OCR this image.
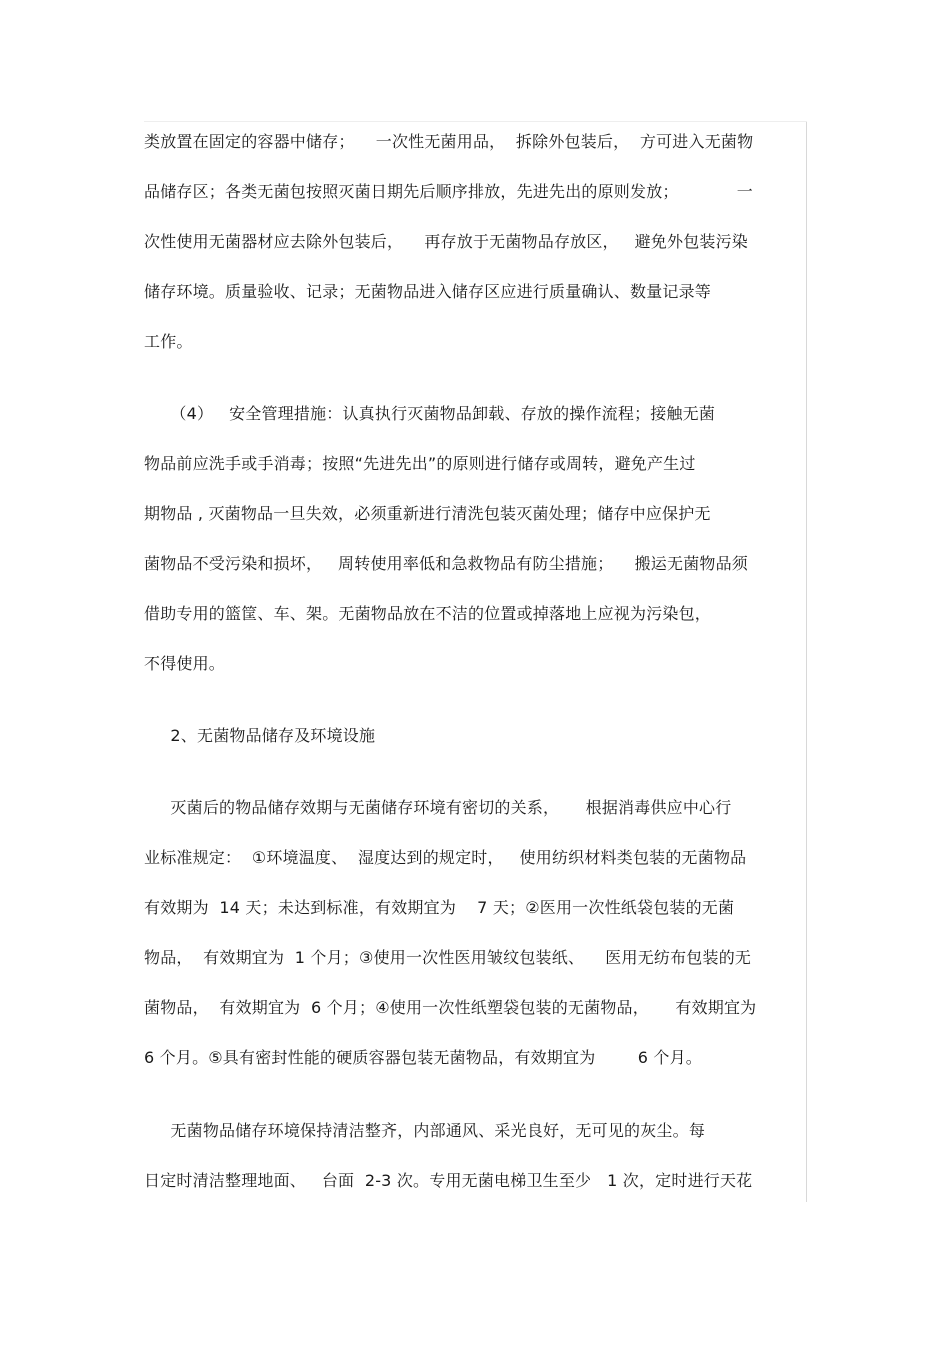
类放置在固定的容器中储存；    一次性无菌用品，  拆除外包装后，  方可进入无菌物
品储存区；各类无菌包按照灭菌日期先后顺序排放，先进先出的原则发放；           一
次性使用无菌器材应去除外包装后，    再存放于无菌物品存放区，   避免外包装污染
储存环境。质量验收、记录；无菌物品进入储存区应进行质量确认、数量记录等
工作。
（4）   安全管理措施：认真执行灭菌物品卸载、存放的操作流程；接触无菌
物品前应洗手或手消毒；按照“先进先出”的原则进行储存或周转，避免产生过
期物品 , 灭菌物品一旦失效，必须重新进行清洗包装灭菌处理；储存中应保护无
菌物品不受污染和损坏，   周转使用率低和急救物品有防尘措施；    搬运无菌物品须
借助专用的篮筐、车、架。无菌物品放在不洁的位置或掉落地上应视为污染包，
不得使用。
2、无菌物品储存及环境设施
灭菌后的物品储存效期与无菌储存环境有密切的关系，     根据消毒供应中心行
业标准规定：  ①环境温度、  湿度达到的规定时，   使用纺织材料类包装的无菌物品
有效期为  14 天；未达到标准，有效期宜为    7 天；②医用一次性纸袋包装的无菌
物品，  有效期宜为  1 个月；③使用一次性医用皱纹包装纸、    医用无纺布包装的无
菌物品，  有效期宜为  6 个月；④使用一次性纸塑袋包装的无菌物品，     有效期宜为
6 个月。⑤具有密封性能的硬质容器包装无菌物品，有效期宜为        6 个月。
无菌物品储存环境保持清洁整齐，内部通风、采光良好，无可见的灰尘。每
日定时清洁整理地面、   台面  2-3 次。专用无菌电梯卫生至少   1 次，定时进行天花
